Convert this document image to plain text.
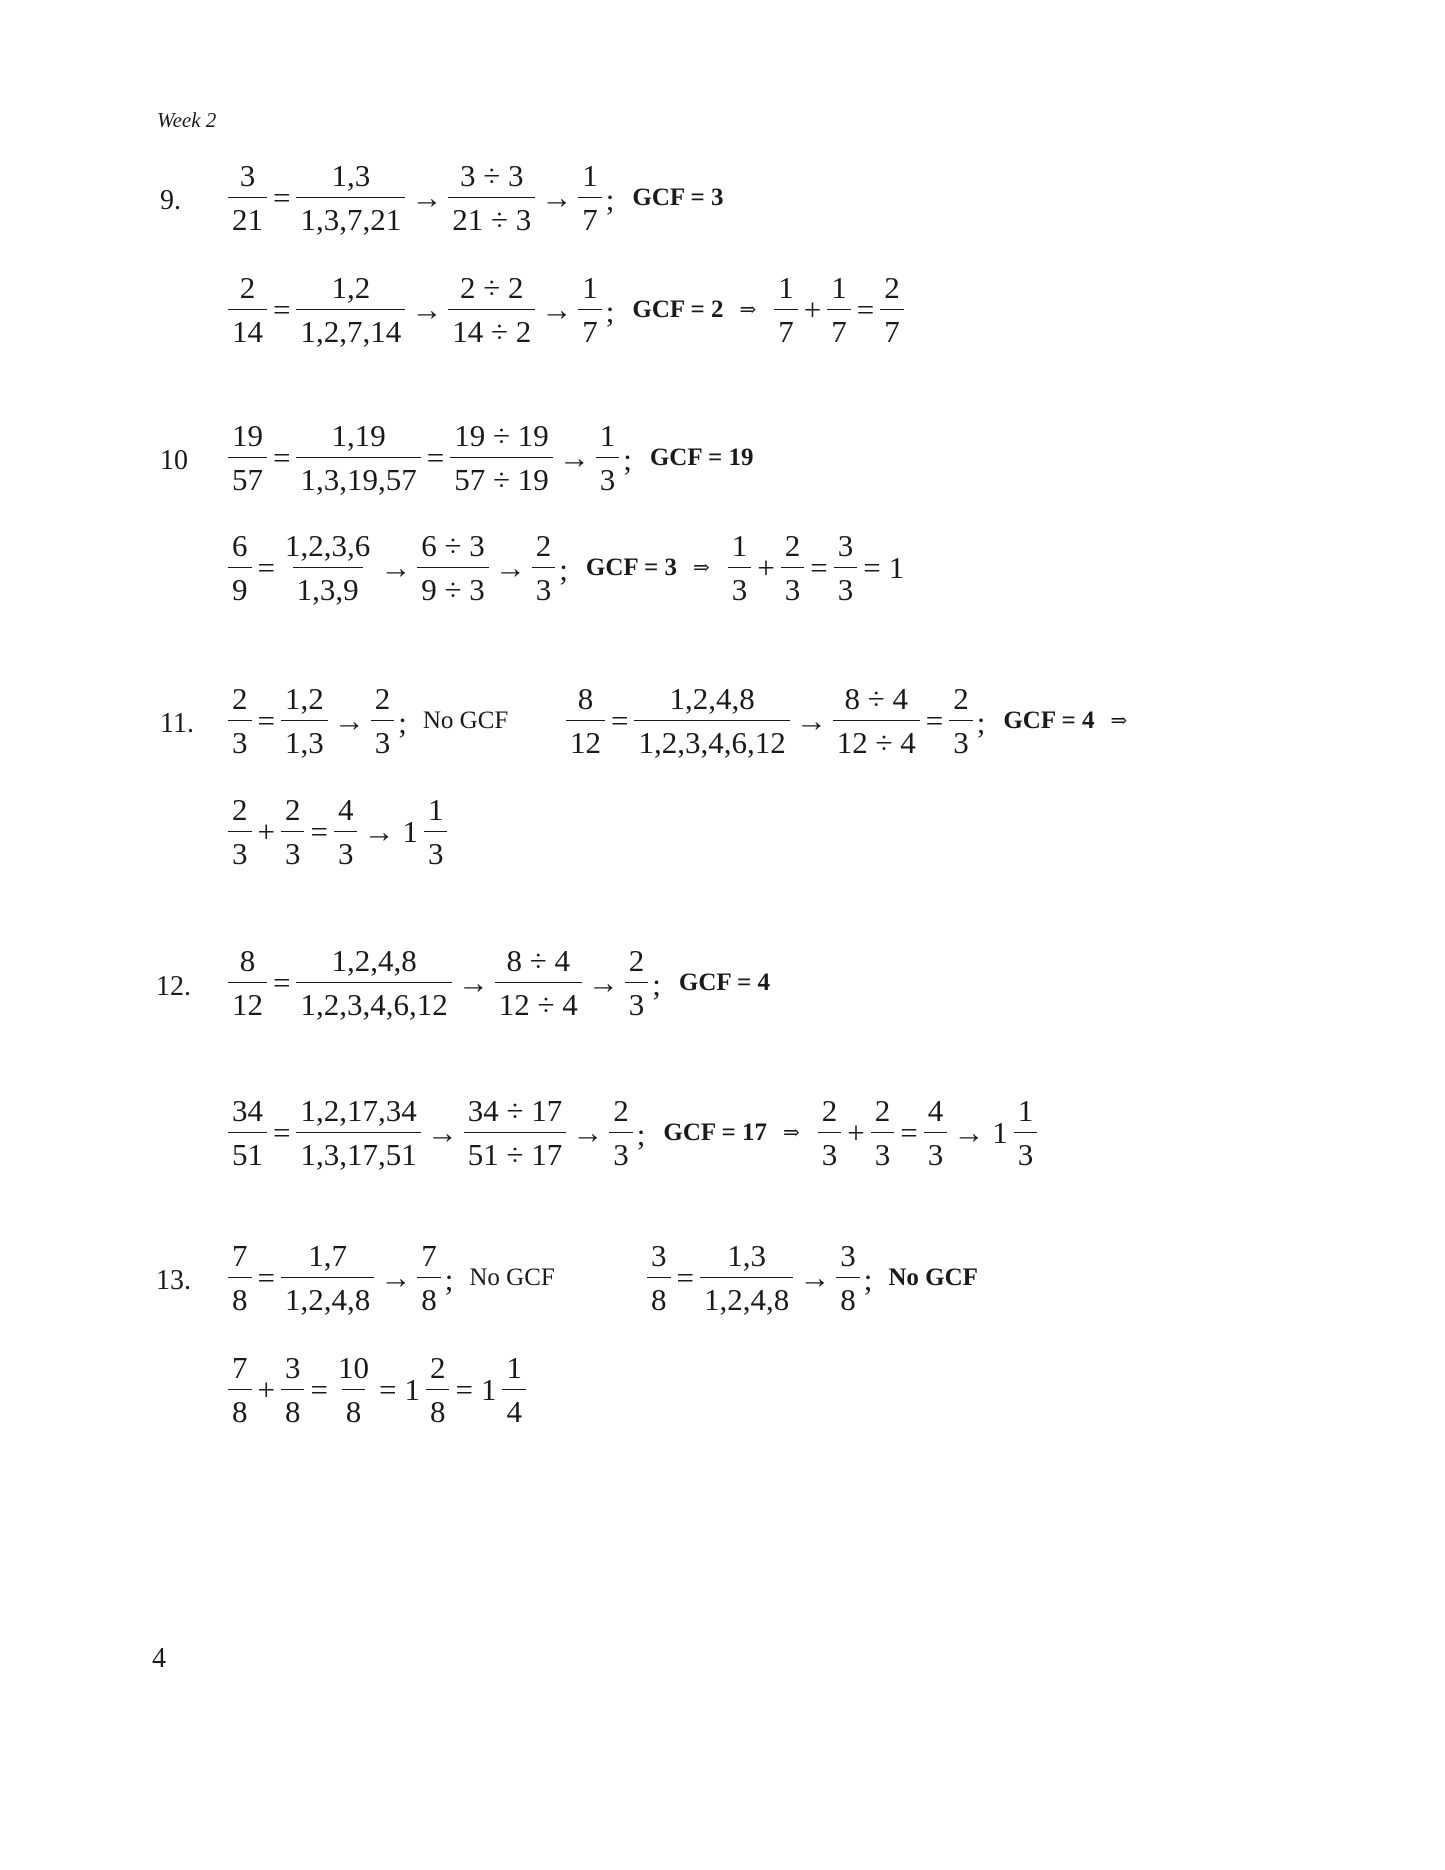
Week 2
9.
10
11.
12.
13.
$\frac{3}{21} = \frac{1,3}{1,3,7,21} \to \frac{3 \div 3}{21 \div 3} \to \frac{1}{7}$ ; GCF = 3
$\frac{2}{14} = \frac{1,2}{1,2,7,14} \to \frac{2 \div 2}{14 \div 2} \to \frac{1}{7}$ ; GCF = 2 ⇒ $\frac{1}{7} + \frac{1}{7} = \frac{2}{7}$
$\frac{19}{57} = \frac{1,19}{1,3,19,57} = \frac{19 \div 19}{57 \div 19} \to \frac{1}{3}$ ; GCF = 19
$\frac{6}{9} = \frac{1,2,3,6}{1,3,9} \to \frac{6 \div 3}{9 \div 3} \to \frac{2}{3}$ ; GCF = 3 ⇒ $\frac{1}{3} + \frac{2}{3} = \frac{3}{3} = 1$
$\frac{2}{3} = \frac{1,2}{1,3} \to \frac{2}{3}$ ; No GCF $\frac{8}{12} = \frac{1,2,4,8}{1,2,3,4,6,12} \to \frac{8 \div 4}{12 \div 4} = \frac{2}{3}$ ; GCF = 4 ⇒
$\frac{2}{3} + \frac{2}{3} = \frac{4}{3} \to 1 \frac{1}{3}$
$\frac{8}{12} = \frac{1,2,4,8}{1,2,3,4,6,12} \to \frac{8 \div 4}{12 \div 4} \to \frac{2}{3}$ ; GCF = 4
$\frac{34}{51} = \frac{1,2,17,34}{1,3,17,51} \to \frac{34 \div 17}{51 \div 17} \to \frac{2}{3}$ ; GCF = 17 ⇒ $\frac{2}{3} + \frac{2}{3} = \frac{4}{3} \to 1 \frac{1}{3}$
$\frac{7}{8} = \frac{1,7}{1,2,4,8} \to \frac{7}{8}$ ; No GCF	$\frac{3}{8} = \frac{1,3}{1,2,4,8} \to \frac{3}{8}$ ; No GCF
$\frac{7}{8} + \frac{3}{8} = \frac{10}{8} = 1 \frac{2}{8} = 1 \frac{1}{4}$
4
